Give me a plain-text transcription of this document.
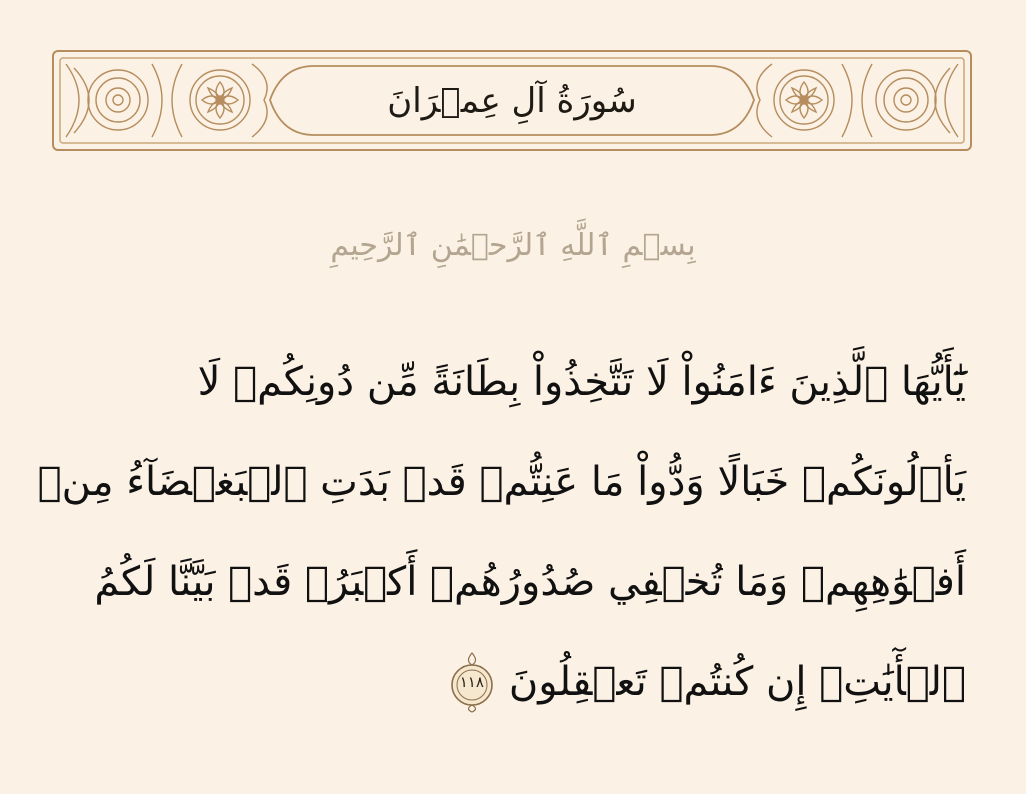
سُورَةُ آلِ عِمۡرَانَ
بِسۡمِ ٱللَّهِ ٱلرَّحۡمَٰنِ ٱلرَّحِيمِ
يَٰٓأَيُّهَا ٱلَّذِينَ ءَامَنُواْ لَا تَتَّخِذُواْ بِطَانَةً مِّن دُونِكُمۡ لَا
يَأۡلُونَكُمۡ خَبَالًا وَدُّواْ مَا عَنِتُّمۡ قَدۡ بَدَتِ ٱلۡبَغۡضَآءُ مِنۡ
أَفۡوَٰهِهِمۡ وَمَا تُخۡفِي صُدُورُهُمۡ أَكۡبَرُۚ قَدۡ بَيَّنَّا لَكُمُ
ٱلۡأٓيَٰتِۖ إِن كُنتُمۡ تَعۡقِلُونَ
١١٨
